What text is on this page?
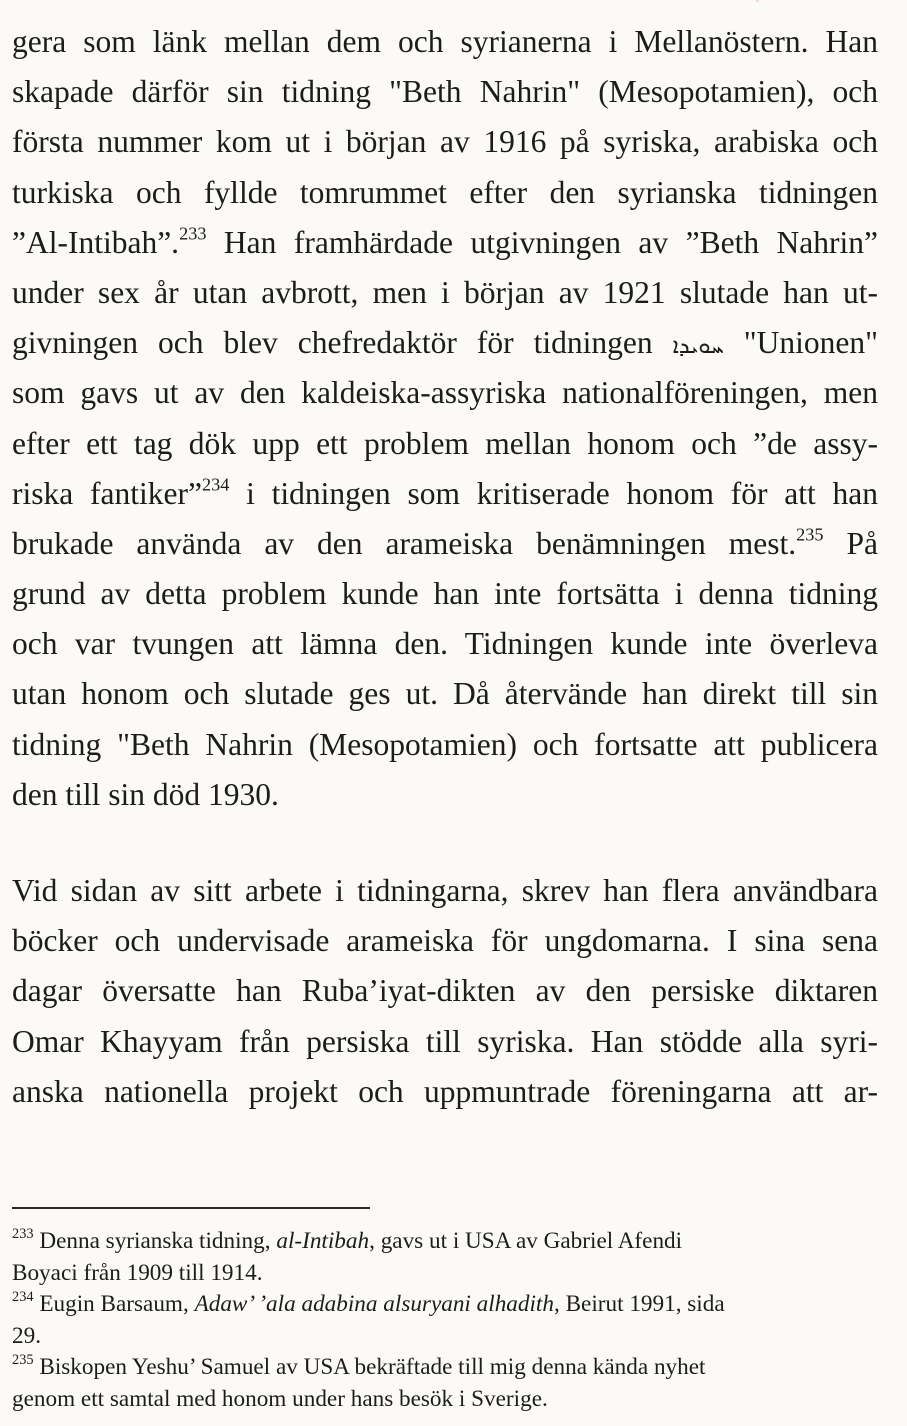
ˇ
gera som länk mellan dem och syrianerna i Mellanöstern. Han
skapade därför sin tidning "Beth Nahrin" (Mesopotamien), och
första nummer kom ut i början av 1916 på syriska, arabiska och
turkiska och fyllde tomrummet efter den syrianska tidningen
”Al-Intibah”.$^{233}$ Han framhärdade utgivningen av ”Beth Nahrin”
under sex år utan avbrott, men i början av 1921 slutade han ut-
givningen och blev chefredaktör för tidningen ܚܘܝܕܐ "Unionen"
som gavs ut av den kaldeiska-assyriska nationalföreningen, men
efter ett tag dök upp ett problem mellan honom och ”de assy-
riska fantiker”$^{234}$ i tidningen som kritiserade honom för att han
brukade använda av den arameiska benämningen mest.$^{235}$ På
grund av detta problem kunde han inte fortsätta i denna tidning
och var tvungen att lämna den. Tidningen kunde inte överleva
utan honom och slutade ges ut. Då återvände han direkt till sin
tidning "Beth Nahrin (Mesopotamien) och fortsatte att publicera
den till sin död 1930.
Vid sidan av sitt arbete i tidningarna, skrev han flera användbara
böcker och undervisade arameiska för ungdomarna. I sina sena
dagar översatte han Ruba’iyat-dikten av den persiske diktaren
Omar Khayyam från persiska till syriska. Han stödde alla syri-
anska nationella projekt och uppmuntrade föreningarna att ar-
$^{233}$ Denna syrianska tidning, al-Intibah, gavs ut i USA av Gabriel Afendi
Boyaci från 1909 till 1914.
$^{234}$ Eugin Barsaum, Adaw’ ’ala adabina alsuryani alhadith, Beirut 1991, sida
29.
$^{235}$ Biskopen Yeshu’ Samuel av USA bekräftade till mig denna kända nyhet
genom ett samtal med honom under hans besök i Sverige.
